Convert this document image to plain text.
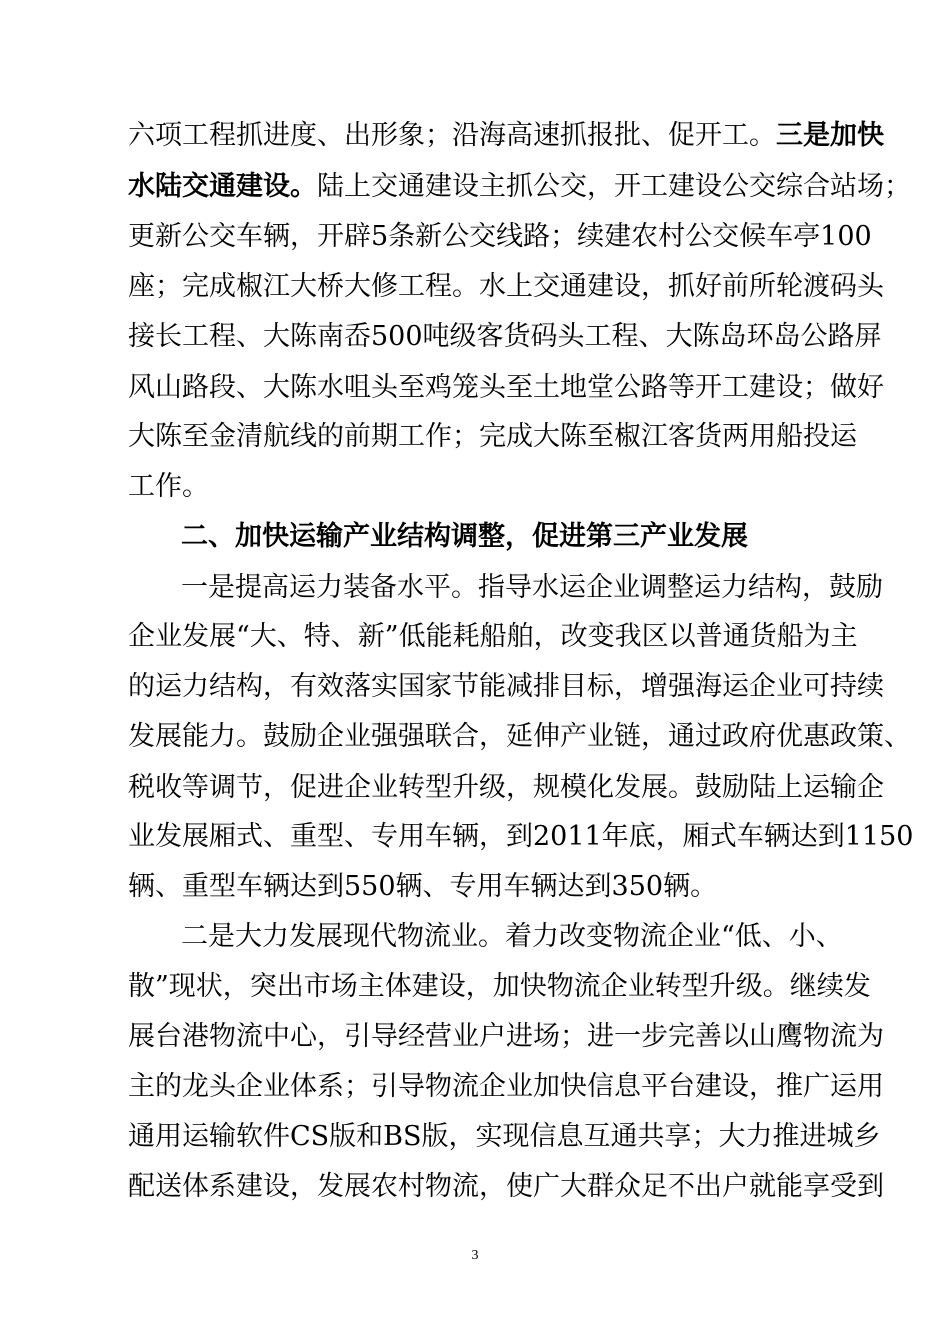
六项工程抓进度、出形象；沿海高速抓报批、促开工。三是加快
水陆交通建设。陆上交通建设主抓公交，开工建设公交综合站场；
更新公交车辆，开辟5条新公交线路；续建农村公交候车亭100
座；完成椒江大桥大修工程。水上交通建设，抓好前所轮渡码头
接长工程、大陈南岙500吨级客货码头工程、大陈岛环岛公路屏
风山路段、大陈水咀头至鸡笼头至土地堂公路等开工建设；做好
大陈至金清航线的前期工作；完成大陈至椒江客货两用船投运
工作。
二、加快运输产业结构调整，促进第三产业发展
一是提高运力装备水平。指导水运企业调整运力结构，鼓励
企业发展“大、特、新”低能耗船舶，改变我区以普通货船为主
的运力结构，有效落实国家节能减排目标，增强海运企业可持续
发展能力。鼓励企业强强联合，延伸产业链，通过政府优惠政策、
税收等调节，促进企业转型升级，规模化发展。鼓励陆上运输企
业发展厢式、重型、专用车辆，到2011年底，厢式车辆达到1150
辆、重型车辆达到550辆、专用车辆达到350辆。
二是大力发展现代物流业。着力改变物流企业“低、小、
散”现状，突出市场主体建设，加快物流企业转型升级。继续发
展台港物流中心，引导经营业户进场；进一步完善以山鹰物流为
主的龙头企业体系；引导物流企业加快信息平台建设，推广运用
通用运输软件CS版和BS版，实现信息互通共享；大力推进城乡
配送体系建设，发展农村物流，使广大群众足不出户就能享受到
3
